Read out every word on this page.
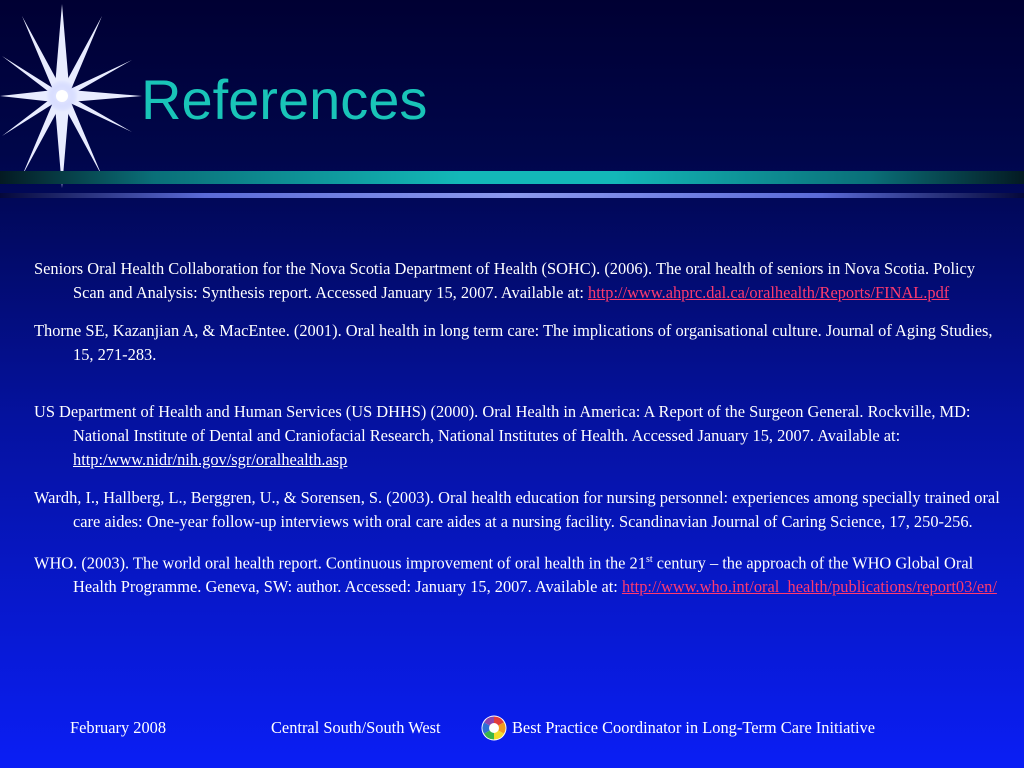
References

Seniors Oral Health Collaboration for the Nova Scotia Department of Health (SOHC). (2006). The oral health of seniors in Nova Scotia. Policy Scan and Analysis: Synthesis report. Accessed January 15, 2007. Available at: http://www.ahprc.dal.ca/oralhealth/Reports/FINAL.pdf

Thorne SE, Kazanjian A, & MacEntee. (2001). Oral health in long term care: The implications of organisational culture. Journal of Aging Studies, 15, 271-283.

US Department of Health and Human Services (US DHHS) (2000). Oral Health in America: A Report of the Surgeon General. Rockville, MD: National Institute of Dental and Craniofacial Research, National Institutes of Health. Accessed January 15, 2007. Available at: http:/www.nidr/nih.gov/sgr/oralhealth.asp

Wardh, I., Hallberg, L., Berggren, U., & Sorensen, S. (2003). Oral health education for nursing personnel: experiences among specially trained oral care aides: One-year follow-up interviews with oral care aides at a nursing facility. Scandinavian Journal of Caring Science, 17, 250-256.

WHO. (2003). The world oral health report. Continuous improvement of oral health in the 21st century – the approach of the WHO Global Oral Health Programme. Geneva, SW: author. Accessed: January 15, 2007. Available at: http://www.who.int/oral_health/publications/report03/en/

February 2008	Central South/South West	Best Practice Coordinator in Long-Term Care Initiative
